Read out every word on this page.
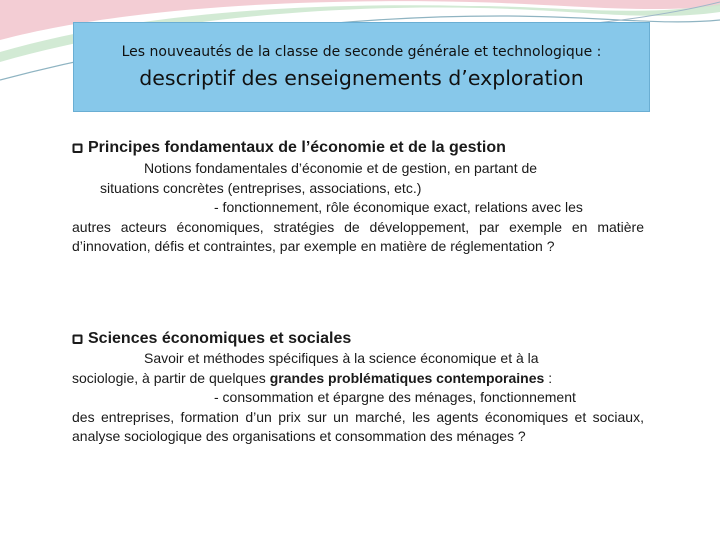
Les nouveautés de la classe de seconde générale et technologique :
descriptif des enseignements d’exploration
Principes fondamentaux de l’économie et de la gestion
Notions fondamentales d’économie et de gestion, en partant de
situations concrètes (entreprises, associations, etc.)
- fonctionnement, rôle économique exact, relations avec les
autres acteurs économiques, stratégies de développement, par exemple en matière d’innovation, défis et contraintes, par exemple en matière de réglementation ?
Sciences économiques et sociales
Savoir et méthodes spécifiques à la science économique et à la
sociologie, à partir de quelques grandes problématiques contemporaines :
- consommation et épargne des ménages, fonctionnement
des entreprises, formation d’un prix sur un marché, les agents économiques et sociaux, analyse sociologique des organisations et consommation des ménages ?
